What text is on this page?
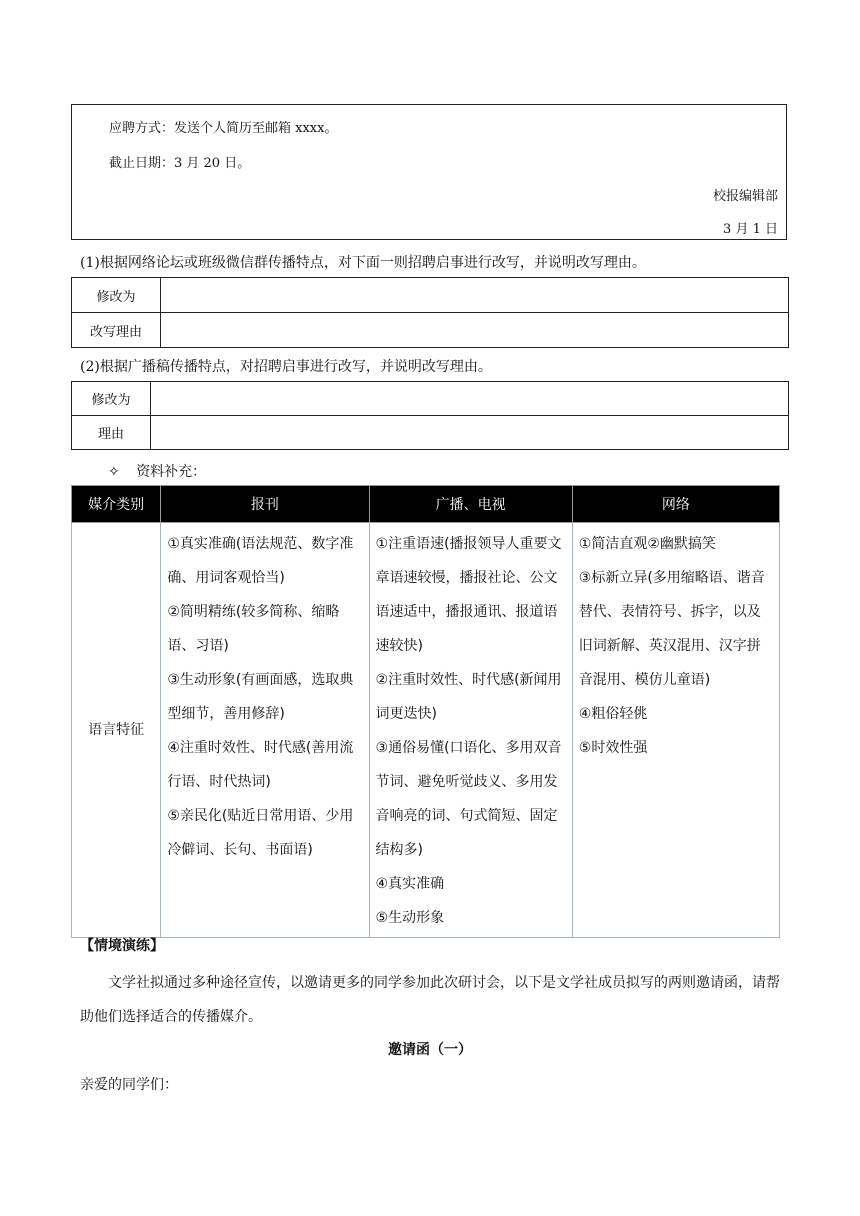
应聘方式：发送个人简历至邮箱 xxxx。
截止日期：3 月 20 日。
校报编辑部
3 月 1 日
(1)根据网络论坛或班级微信群传播特点，对下面一则招聘启事进行改写，并说明改写理由。
修改为	
改写理由	
(2)根据广播稿传播特点，对招聘启事进行改写，并说明改写理由。
修改为	
理由	
✧ 资料补充：
媒介类别	报刊	广播、电视	网络
语言特征	①真实准确(语法规范、数字准确、用词客观恰当)
②简明精练(较多简称、缩略语、习语)
③生动形象(有画面感，选取典型细节，善用修辞)
④注重时效性、时代感(善用流行语、时代热词)
⑤亲民化(贴近日常用语、少用冷僻词、长句、书面语)	①注重语速(播报领导人重要文章语速较慢，播报社论、公文语速适中，播报通讯、报道语速较快)
②注重时效性、时代感(新闻用词更迭快)
③通俗易懂(口语化、多用双音节词、避免听觉歧义、多用发音响亮的词、句式简短、固定结构多)
④真实准确
⑤生动形象	①简洁直观②幽默搞笑
③标新立异(多用缩略语、谐音替代、表情符号、拆字，以及旧词新解、英汉混用、汉字拼音混用、模仿儿童语)
④粗俗轻佻
⑤时效性强
【情境演练】
文学社拟通过多种途径宣传，以邀请更多的同学参加此次研讨会，以下是文学社成员拟写的两则邀请函，请帮助他们选择适合的传播媒介。
邀请函（一）
亲爱的同学们：
